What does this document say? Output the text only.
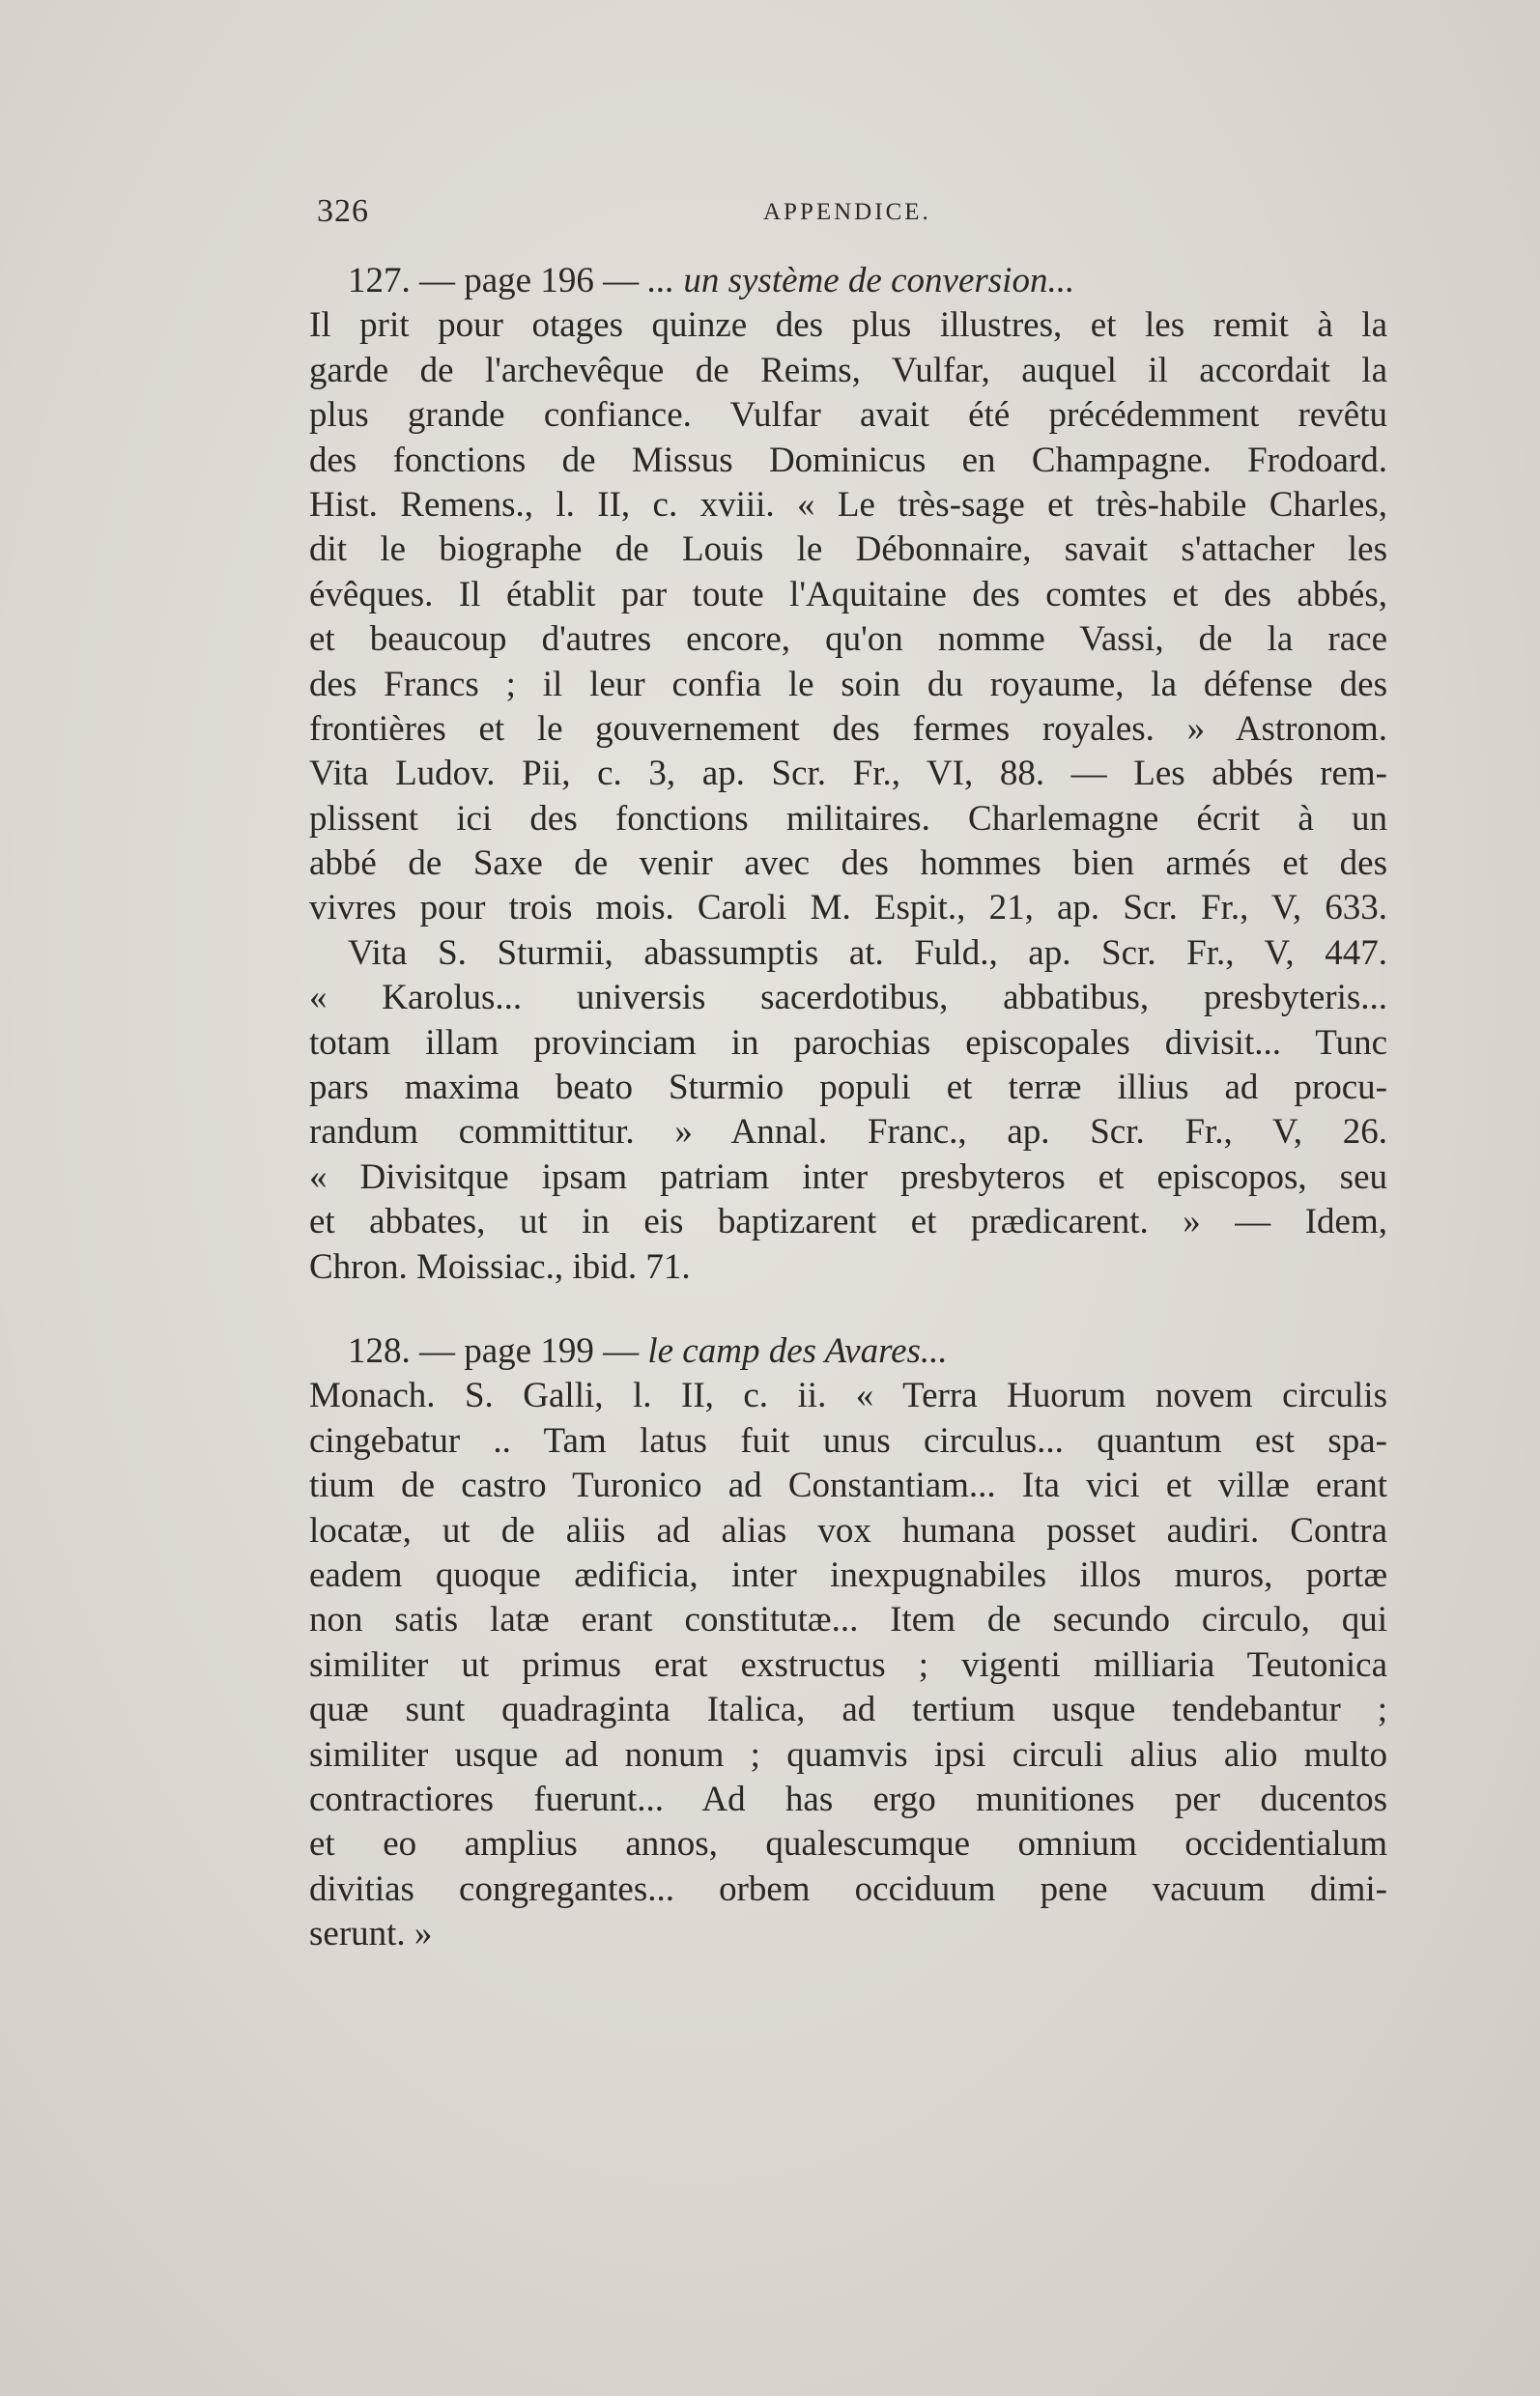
326	APPENDICE.
127. — page 196 — ... un système de conversion...
Il prit pour otages quinze des plus illustres, et les remit à la
garde de l'archevêque de Reims, Vulfar, auquel il accordait la
plus grande confiance. Vulfar avait été précédemment revêtu
des fonctions de Missus Dominicus en Champagne. Frodoard.
Hist. Remens., l. II, c. xviii. « Le très-sage et très-habile Charles,
dit le biographe de Louis le Débonnaire, savait s'attacher les
évêques. Il établit par toute l'Aquitaine des comtes et des abbés,
et beaucoup d'autres encore, qu'on nomme Vassi, de la race
des Francs ; il leur confia le soin du royaume, la défense des
frontières et le gouvernement des fermes royales. » Astronom.
Vita Ludov. Pii, c. 3, ap. Scr. Fr., VI, 88. — Les abbés rem-
plissent ici des fonctions militaires. Charlemagne écrit à un
abbé de Saxe de venir avec des hommes bien armés et des
vivres pour trois mois. Caroli M. Espit., 21, ap. Scr. Fr., V, 633.
Vita S. Sturmii, abassumptis at. Fuld., ap. Scr. Fr., V, 447.
« Karolus... universis sacerdotibus, abbatibus, presbyteris...
totam illam provinciam in parochias episcopales divisit... Tunc
pars maxima beato Sturmio populi et terræ illius ad procu-
randum committitur. » Annal. Franc., ap. Scr. Fr., V, 26.
« Divisitque ipsam patriam inter presbyteros et episcopos, seu
et abbates, ut in eis baptizarent et prædicarent. » — Idem,
Chron. Moissiac., ibid. 71.
128. — page 199 — le camp des Avares...
Monach. S. Galli, l. II, c. ii. « Terra Huorum novem circulis
cingebatur .. Tam latus fuit unus circulus... quantum est spa-
tium de castro Turonico ad Constantiam... Ita vici et villæ erant
locatæ, ut de aliis ad alias vox humana posset audiri. Contra
eadem quoque ædificia, inter inexpugnabiles illos muros, portæ
non satis latæ erant constitutæ... Item de secundo circulo, qui
similiter ut primus erat exstructus ; vigenti milliaria Teutonica
quæ sunt quadraginta Italica, ad tertium usque tendebantur ;
similiter usque ad nonum ; quamvis ipsi circuli alius alio multo
contractiores fuerunt... Ad has ergo munitiones per ducentos
et eo amplius annos, qualescumque omnium occidentialum
divitias congregantes... orbem occiduum pene vacuum dimi-
serunt. »
